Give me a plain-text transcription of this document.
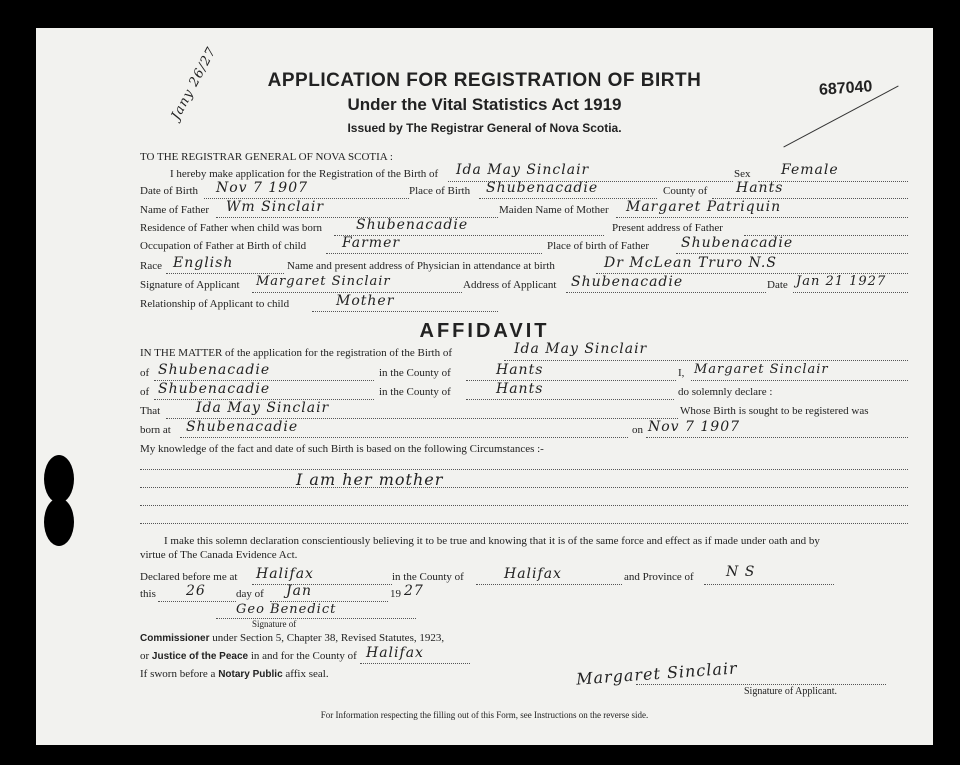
Jany 26/27	APPLICATION FOR REGISTRATION OF BIRTH
Under the Vital Statistics Act 1919
Issued by The Registrar General of Nova Scotia.
687040
TO THE REGISTRAR GENERAL OF NOVA SCOTIA :
I hereby make application for the Registration of the Birth of Ida May Sinclair	Sex Female
Date of Birth Nov 7 1907	Place of Birth Shubenacadie	County of Hants
Name of Father Wm Sinclair	Maiden Name of Mother Margaret Patriquin
Residence of Father when child was born Shubenacadie	Present address of Father
Occupation of Father at Birth of child	Farmer	Place of birth of Father Shubenacadie
Race English	Name and present address of Physician in attendance at birth	Dr McLean Truro N.S
Signature of Applicant Margaret Sinclair	Address of Applicant Shubenacadie	Date Jan 21 1927
Relationship of Applicant to child	Mother
AFFIDAVIT
IN THE MATTER of the application for the registration of the Birth of	Ida May Sinclair
of Shubenacadie	in the County of	Hants	I, Margaret Sinclair
of Shubenacadie	in the County of	Hants	do solemnly declare :
That	Ida May Sinclair	Whose Birth is sought to be registered was
born at Shubenacadie	on Nov 7 1907
My knowledge of the fact and date of such Birth is based on the following Circumstances :-
I am her mother
I make this solemn declaration conscientiously believing it to be true and knowing that it is of the same force and effect as if made under oath and by
virtue of The Canada Evidence Act.
Declared before me at Halifax	in the County of	Halifax	and Province of N S
this 26	day of Jan	19 27
Geo Benedict
Signature of
Commissioner under Section 5, Chapter 38, Revised Statutes, 1923,
or Justice of the Peace in and for the County of Halifax
If sworn before a Notary Public affix seal.	Margaret Sinclair
Signature of Applicant.
For Information respecting the filling out of this Form, see Instructions on the reverse side.
